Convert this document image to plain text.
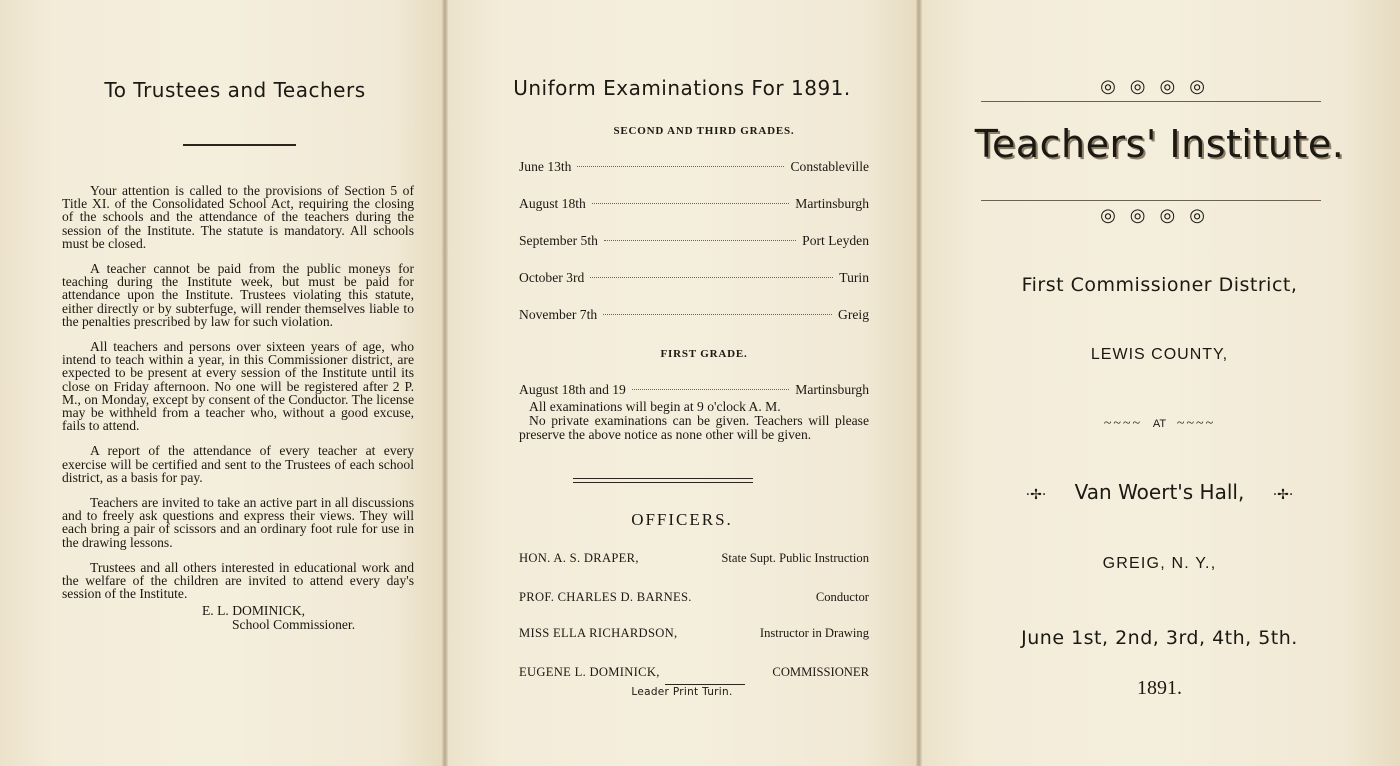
To Trustees and Teachers

Your attention is called to the provisions of Section 5 of Title XI. of the Consolidated School Act, requiring the closing of the schools and the attendance of the teachers during the session of the Institute. The statute is mandatory. All schools must be closed.

A teacher cannot be paid from the public moneys for teaching during the Institute week, but must be paid for attendance upon the Institute. Trustees violating this statute, either directly or by subterfuge, will render themselves liable to the penalties prescribed by law for such violation.

All teachers and persons over sixteen years of age, who intend to teach within a year, in this Commissioner district, are expected to be present at every session of the Institute until its close on Friday afternoon. No one will be registered after 2 P. M., on Monday, except by consent of the Conductor. The license may be withheld from a teacher who, without a good excuse, fails to attend.

A report of the attendance of every teacher at every exercise will be certified and sent to the Trustees of each school district, as a basis for pay.

Teachers are invited to take an active part in all discussions and to freely ask questions and express their views. They will each bring a pair of scissors and an ordinary foot rule for use in the drawing lessons.

Trustees and all others interested in educational work and the welfare of the children are invited to attend every day's session of the Institute.

E. L. DOMINICK,
School Commissioner.
Uniform Examinations For 1891.
SECOND AND THIRD GRADES.
June 13th	Constableville
August 18th	Martinsburgh
September 5th	Port Leyden
October 3rd	Turin
November 7th	Greig
FIRST GRADE.
August 18th and 19	Martinsburgh

All examinations will begin at 9 o'clock A. M.

No private examinations can be given. Teachers will please preserve the above notice as none other will be given.

OFFICERS.
HON. A. S. DRAPER,	State Supt. Public Instruction
PROF. CHARLES D. BARNES.	Conductor
MISS ELLA RICHARDSON,	Instructor in Drawing
EUGENE L. DOMINICK,	COMMISSIONER
Leader Print Turin.
◎◎◎◎
Teachers' Institute.
◎◎◎◎
First Commissioner District,
LEWIS COUNTY,
~~~~ AT ~~~~
·✢· Van Woert's Hall, ·✢·
GREIG, N. Y.,
June 1st, 2nd, 3rd, 4th, 5th.
1891.
